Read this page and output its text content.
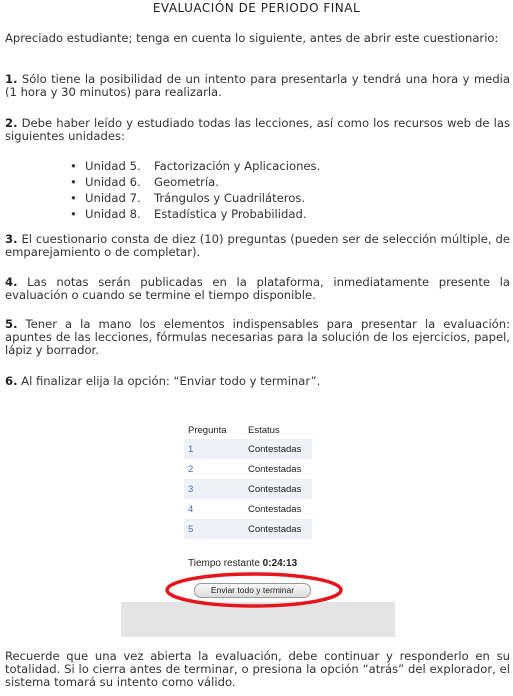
EVALUACIÓN DE PERIODO FINAL
Apreciado estudiante; tenga en cuenta lo siguiente, antes de abrir este cuestionario:
1. Sólo tiene la posibilidad de un intento para presentarla y tendrá una hora y media (1 hora y 30 minutos) para realizarla.
2. Debe haber leído y estudiado todas las lecciones, así como los recursos web de las siguientes unidades:
• Unidad 5. Factorización y Aplicaciones.
• Unidad 6. Geometría.
• Unidad 7. Trángulos y Cuadriláteros.
• Unidad 8. Estadística y Probabilidad.
3. El cuestionario consta de diez (10) preguntas (pueden ser de selección múltiple, de emparejamiento o de completar).
4. Las notas serán publicadas en la plataforma, inmediatamente presente la evaluación o cuando se termine el tiempo disponible.
5. Tener a la mano los elementos indispensables para presentar la evaluación: apuntes de las lecciones, fórmulas necesarias para la solución de los ejercicios, papel, lápiz y borrador.
6. Al finalizar elija la opción: “Enviar todo y terminar”.
Pregunta	Estatus
1	Contestadas
2	Contestadas
3	Contestadas
4	Contestadas
5	Contestadas
Tiempo restante 0:24:13
Enviar todo y terminar
Recuerde que una vez abierta la evaluación, debe continuar y responderlo en su totalidad. Si lo cierra antes de terminar, o presiona la opción “atrás” del explorador, el sistema tomará su intento como válido.
